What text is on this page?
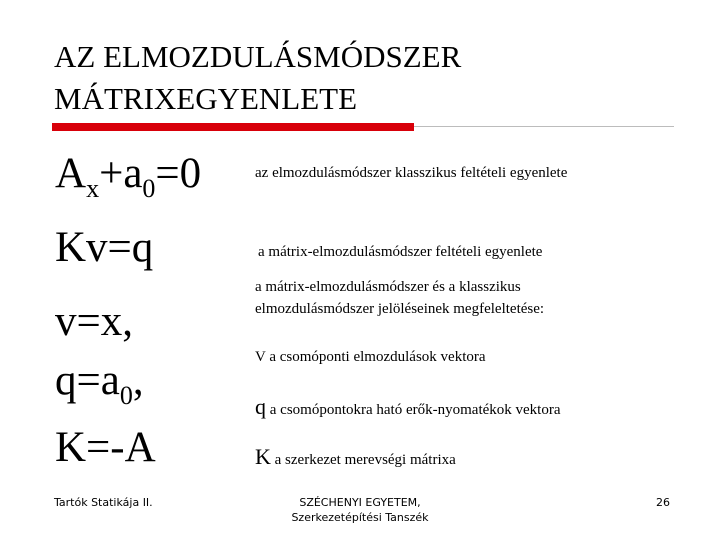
AZ ELMOZDULÁSMÓDSZER
MÁTRIXEGYENLETE
$A_x+a_0=0$
Kv=q
v=x,
$q=a_0$,
K=-A
az elmozdulásmódszer klasszikus feltételi egyenlete
a mátrix-elmozdulásmódszer feltételi egyenlete
a mátrix-elmozdulásmódszer és a klasszikus
elmozdulásmódszer jelöléseinek megfeleltetése:
V a csomóponti elmozdulások vektora
q a csomópontokra ható erők-nyomatékok vektora
K a szerkezet merevségi mátrixa
Tartók Statikája II.	SZÉCHENYI EGYETEM,
Szerkezetépítési Tanszék
26
